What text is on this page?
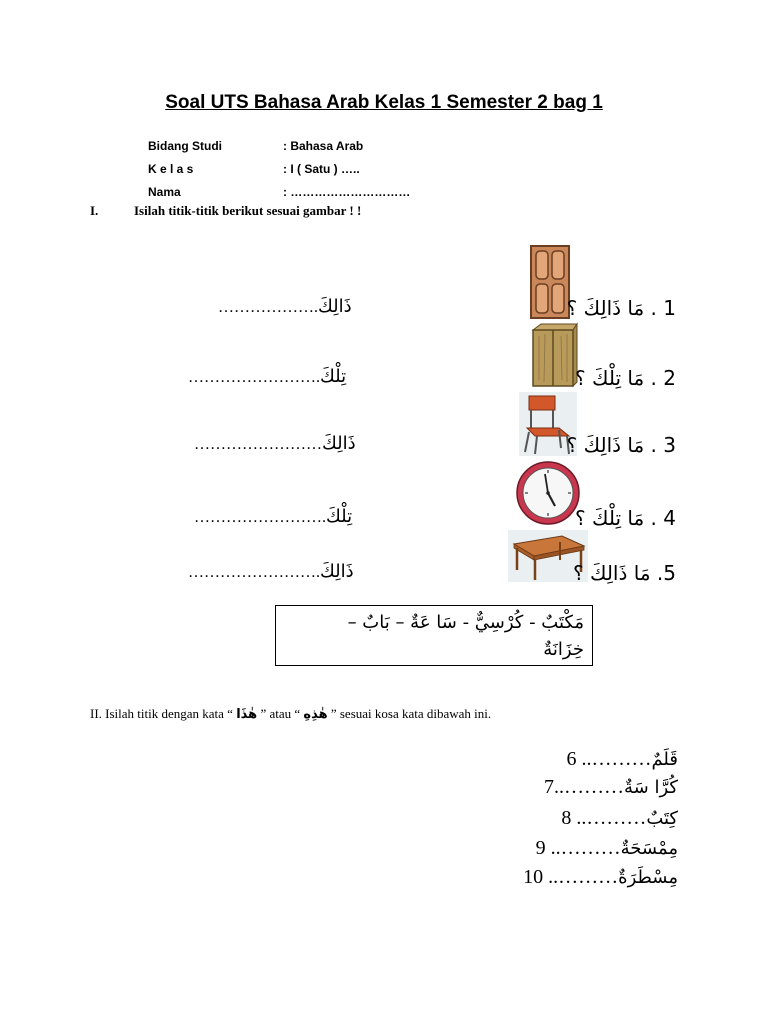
Soal UTS Bahasa Arab Kelas 1 Semester 2 bag 1
Bidang Studi	: Bahasa Arab
K e l a s	: I ( Satu ) …..
Nama	: …………………………
I.	Isilah titik-titik berikut sesuai gambar ! !
……………….ذَالِكَ	1 . مَا ذَالِكَ ؟
…………………….تِلْكَ	2 . مَا تِلْكَ ؟
……………………ذَالِكَ	3 . مَا ذَالِكَ ؟
…………………….تِلْكَ	4 . مَا تِلْكَ ؟
…………………….ذَالِكَ	5. مَا ذَالِكَ ؟
مَكْتَبٌ - كُرْسِيٌّ - سَا عَةٌ – بَابٌ –
خِزَانَةٌ
II. Isilah titik dengan kata “ هٰذَا ” atau “ هٰذِهِ ” sesuai kosa kata dibawah ini.
قَلَمٌ……….. 6
كُرَّا سَةٌ………..7
كِتَبٌ……….. 8
مِمْسَحَةٌ……….. 9
مِسْطَرَةٌ……….. 10
